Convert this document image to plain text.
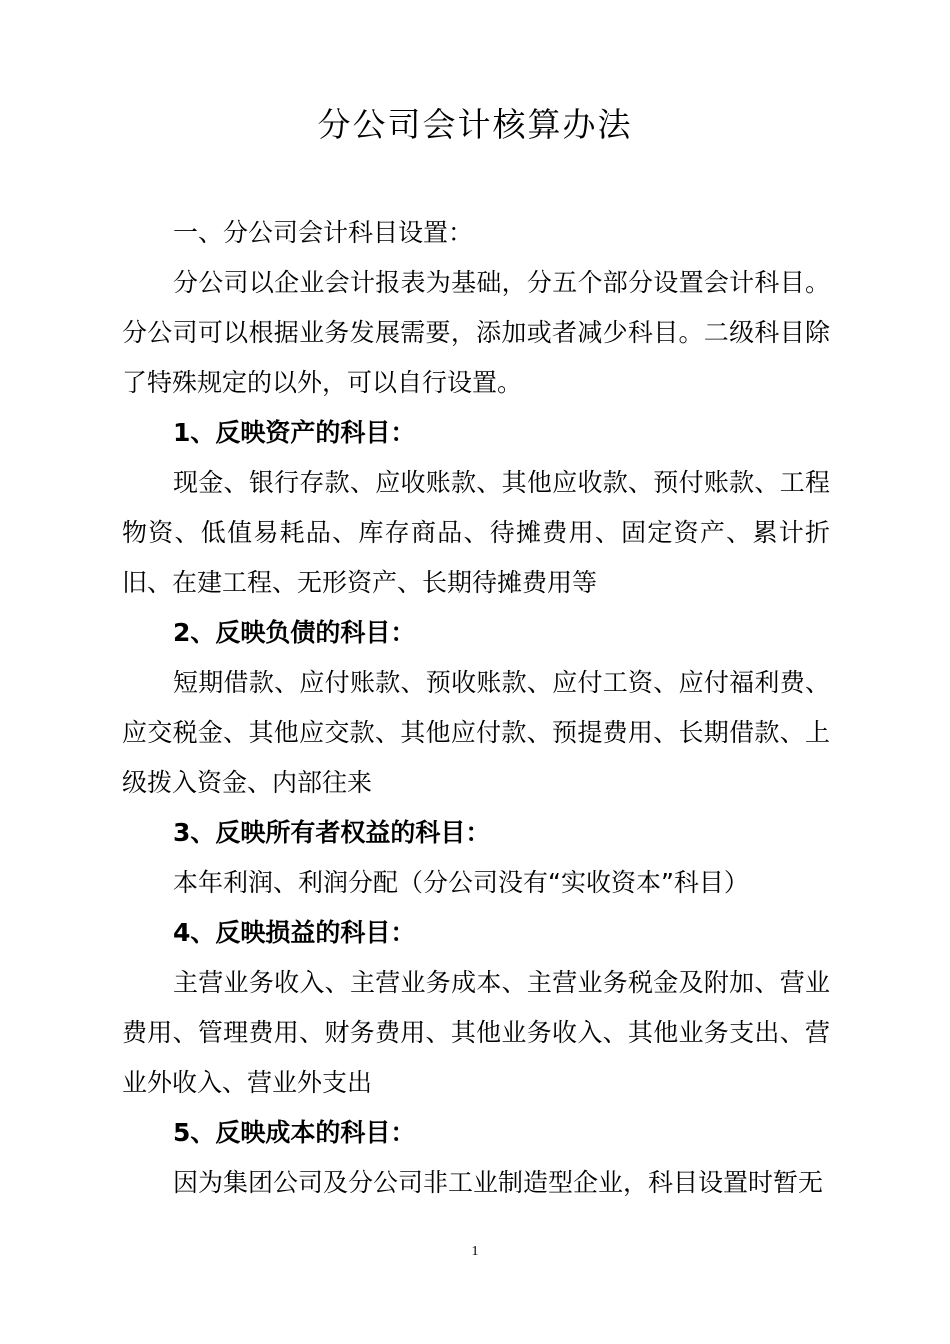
分公司会计核算办法

一、分公司会计科目设置：

分公司以企业会计报表为基础，分五个部分设置会计科目。分公司可以根据业务发展需要，添加或者减少科目。二级科目除了特殊规定的以外，可以自行设置。

1、反映资产的科目：

现金、银行存款、应收账款、其他应收款、预付账款、工程物资、低值易耗品、库存商品、待摊费用、固定资产、累计折旧、在建工程、无形资产、长期待摊费用等

2、反映负债的科目：

短期借款、应付账款、预收账款、应付工资、应付福利费、应交税金、其他应交款、其他应付款、预提费用、长期借款、上级拨入资金、内部往来

3、反映所有者权益的科目：

本年利润、利润分配（分公司没有“实收资本”科目）

4、反映损益的科目：

主营业务收入、主营业务成本、主营业务税金及附加、营业费用、管理费用、财务费用、其他业务收入、其他业务支出、营业外收入、营业外支出

5、反映成本的科目：

因为集团公司及分公司非工业制造型企业，科目设置时暂无

1
